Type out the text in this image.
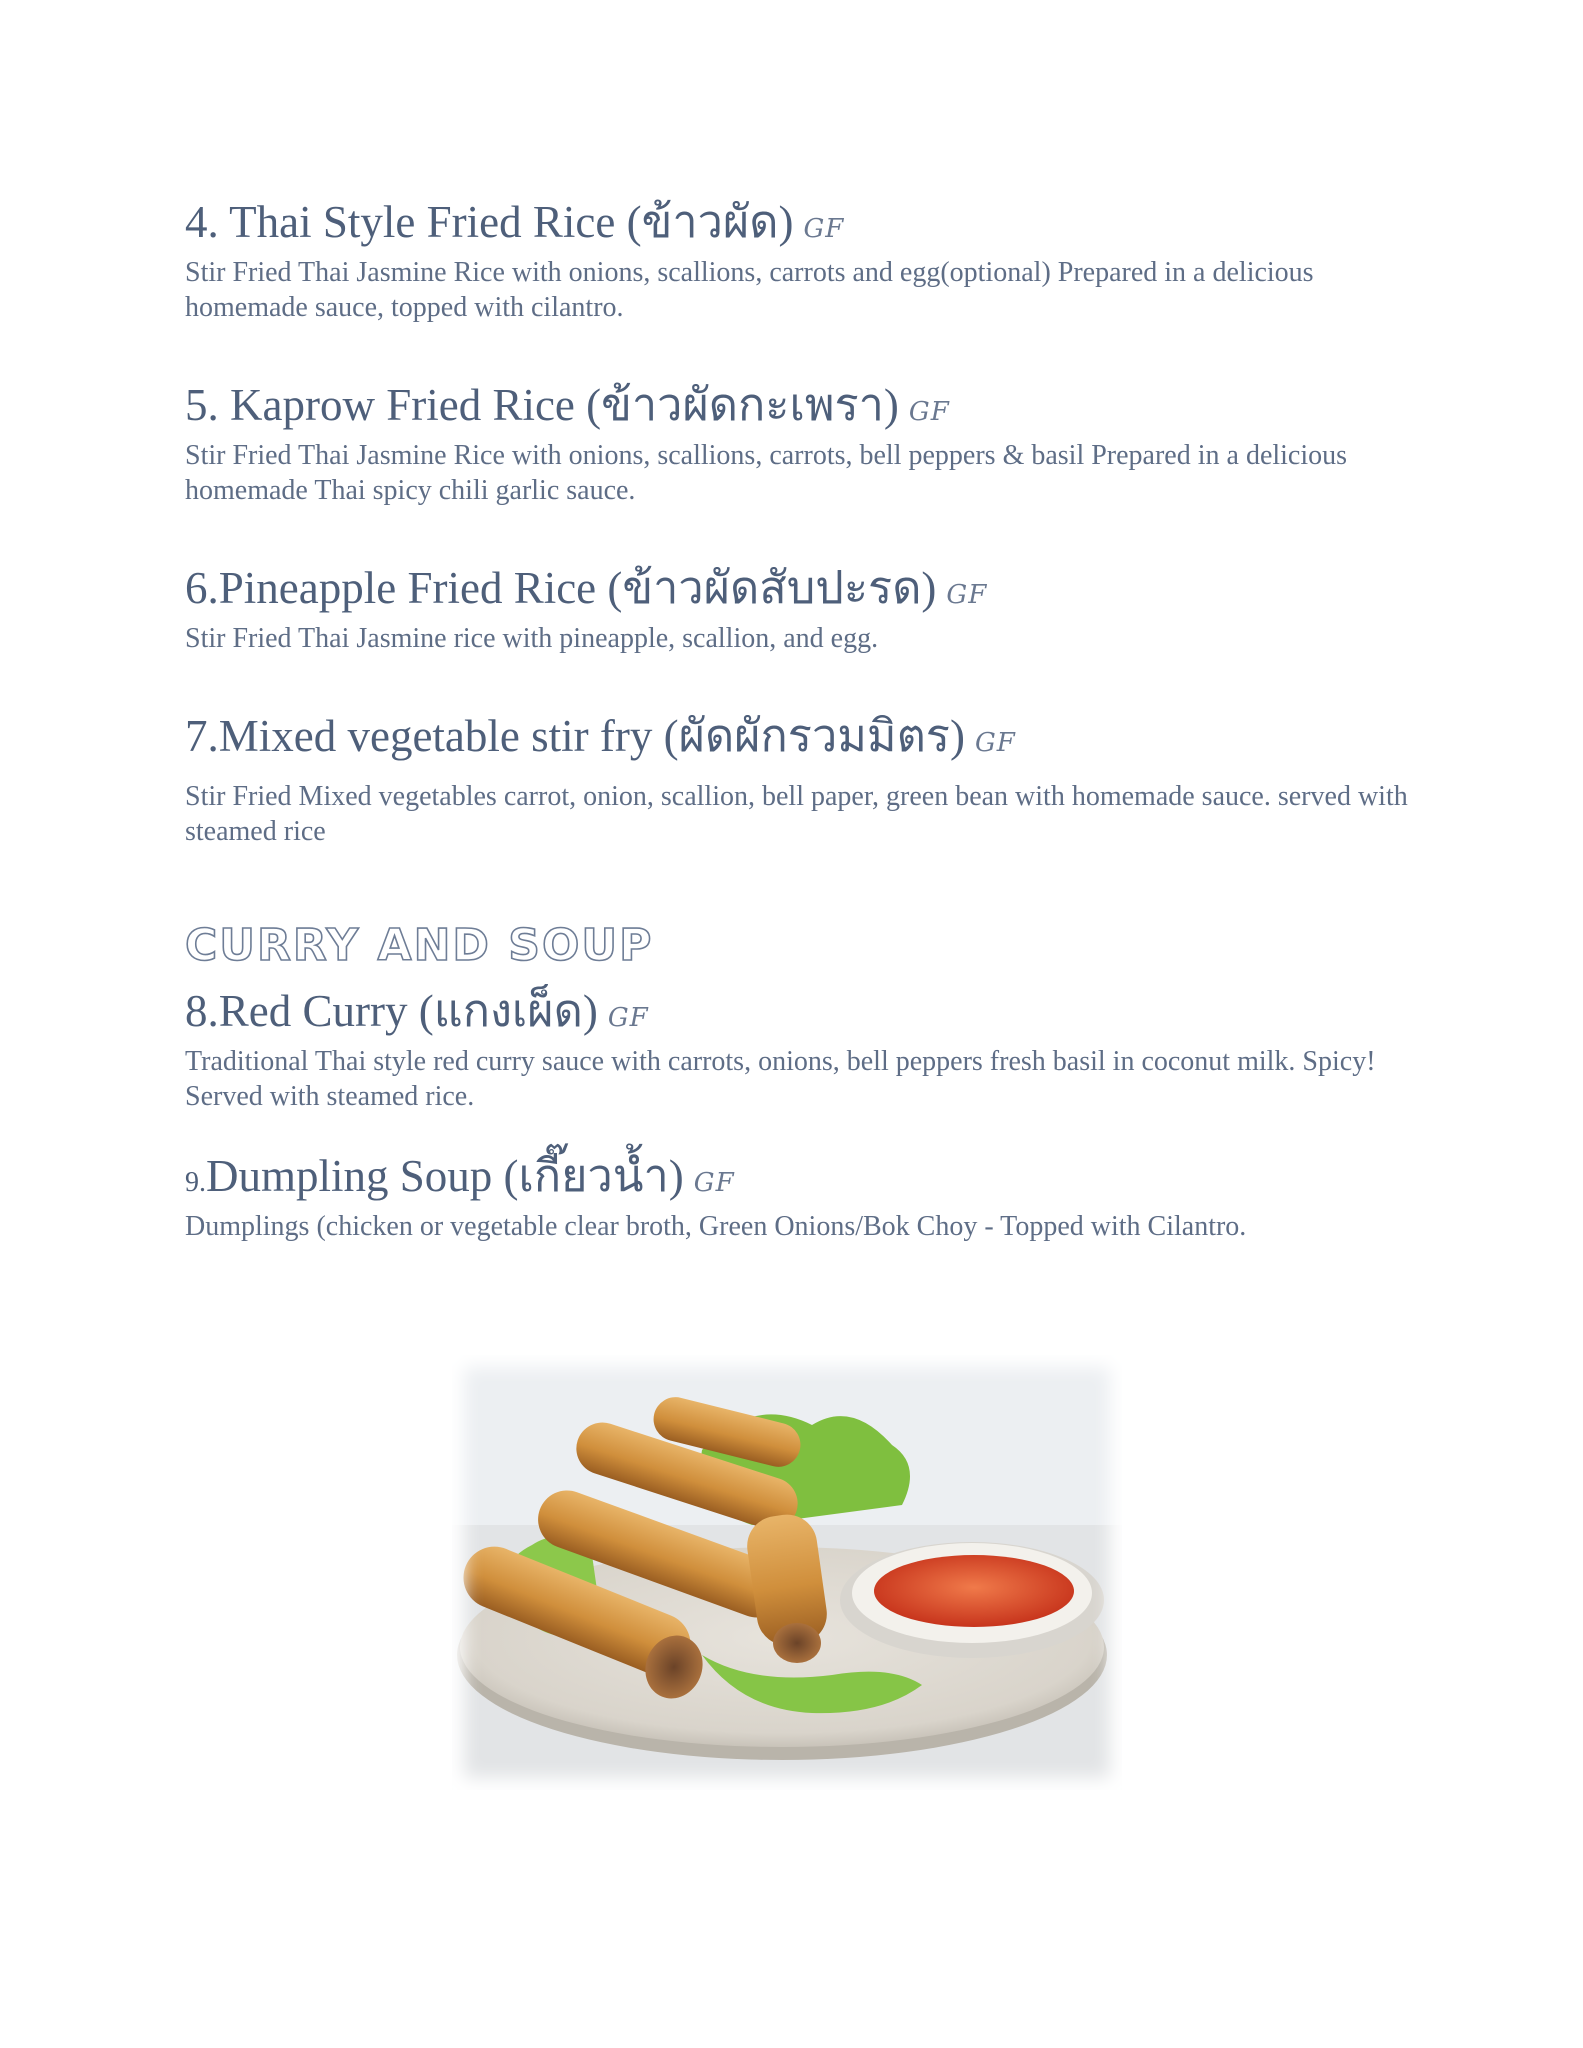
4. Thai Style Fried Rice (ข้าวผัด) GF

Stir Fried Thai Jasmine Rice with onions, scallions, carrots and egg(optional) Prepared in a delicious homemade sauce, topped with cilantro.

5. Kaprow Fried Rice (ข้าวผัดกะเพรา) GF

Stir Fried Thai Jasmine Rice with onions, scallions, carrots, bell peppers & basil Prepared in a delicious homemade Thai spicy chili garlic sauce.

6.Pineapple Fried Rice (ข้าวผัดสับปะรด) GF

Stir Fried Thai Jasmine rice with pineapple, scallion, and egg.

7.Mixed vegetable stir fry (ผัดผักรวมมิตร) GF

Stir Fried Mixed vegetables carrot, onion, scallion, bell paper, green bean with homemade sauce. served with steamed rice

CURRY AND SOUP
8.Red Curry (แกงเผ็ด) GF

Traditional Thai style red curry sauce with carrots, onions, bell peppers fresh basil in coconut milk. Spicy! Served with steamed rice.

9.Dumpling Soup (เกี๊ยวน้ำ) GF

Dumplings (chicken or vegetable clear broth, Green Onions/Bok Choy - Topped with Cilantro.
